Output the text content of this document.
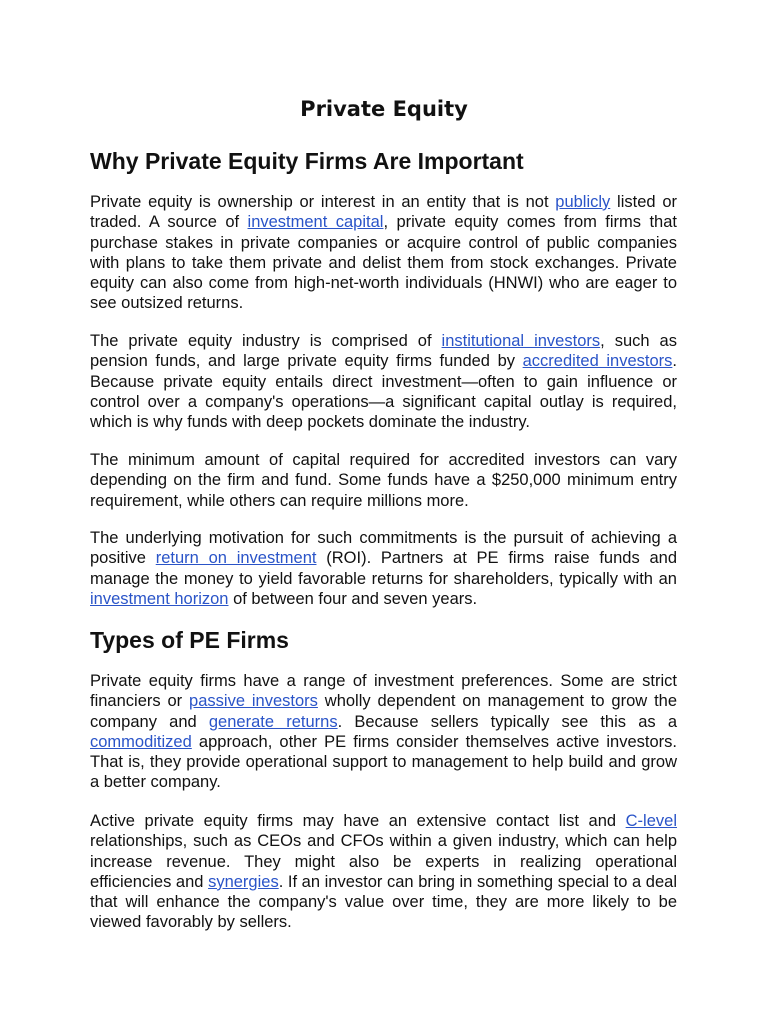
Private Equity
Why Private Equity Firms Are Important

Private equity is ownership or interest in an entity that is not publicly listed or traded. A source of investment capital, private equity comes from firms that purchase stakes in private companies or acquire control of public companies with plans to take them private and delist them from stock exchanges. Private equity can also come from high-net-worth individuals (HNWI) who are eager to see outsized returns.

The private equity industry is comprised of institutional investors, such as pension funds, and large private equity firms funded by accredited investors. Because private equity entails direct investment—often to gain influence or control over a company's operations—a significant capital outlay is required, which is why funds with deep pockets dominate the industry.

The minimum amount of capital required for accredited investors can vary depending on the firm and fund. Some funds have a $250,000 minimum entry requirement, while others can require millions more.

The underlying motivation for such commitments is the pursuit of achieving a positive return on investment (ROI). Partners at PE firms raise funds and manage the money to yield favorable returns for shareholders, typically with an investment horizon of between four and seven years.

Types of PE Firms

Private equity firms have a range of investment preferences. Some are strict financiers or passive investors wholly dependent on management to grow the company and generate returns. Because sellers typically see this as a commoditized approach, other PE firms consider themselves active investors. That is, they provide operational support to management to help build and grow a better company.

Active private equity firms may have an extensive contact list and C-level relationships, such as CEOs and CFOs within a given industry, which can help increase revenue. They might also be experts in realizing operational efficiencies and synergies. If an investor can bring in something special to a deal that will enhance the company's value over time, they are more likely to be viewed favorably by sellers.
